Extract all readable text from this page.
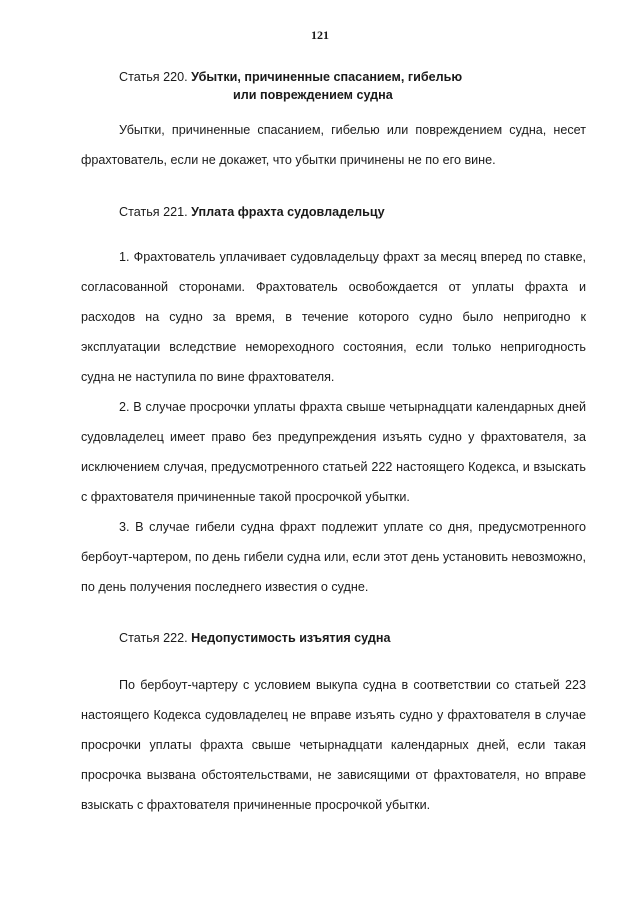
121
Статья 220. Убытки, причиненные спасанием, гибелью
или повреждением судна

Убытки, причиненные спасанием, гибелью или повреждением судна, несет фрахтователь, если не докажет, что убытки причинены не по его вине.

Статья 221. Уплата фрахта судовладельцу

1. Фрахтователь уплачивает судовладельцу фрахт за месяц вперед по ставке, согласованной сторонами. Фрахтователь освобождается от уплаты фрахта и расходов на судно за время, в течение которого судно было непригодно к эксплуатации вследствие немореходного состояния, если только непригодность судна не наступила по вине фрахтователя.

2. В случае просрочки уплаты фрахта свыше четырнадцати календарных дней судовладелец имеет право без предупреждения изъять судно у фрахтователя, за исключением случая, предусмотренного статьей 222 настоящего Кодекса, и взыскать с фрахтователя причиненные такой просрочкой убытки.

3. В случае гибели судна фрахт подлежит уплате со дня, предусмотренного бербоут-чартером, по день гибели судна или, если этот день установить невозможно, по день получения последнего известия о судне.

Статья 222. Недопустимость изъятия судна

По бербоут-чартеру с условием выкупа судна в соответствии со статьей 223 настоящего Кодекса судовладелец не вправе изъять судно у фрахтователя в случае просрочки уплаты фрахта свыше четырнадцати календарных дней, если такая просрочка вызвана обстоятельствами, не зависящими от фрахтователя, но вправе взыскать с фрахтователя причиненные просрочкой убытки.
